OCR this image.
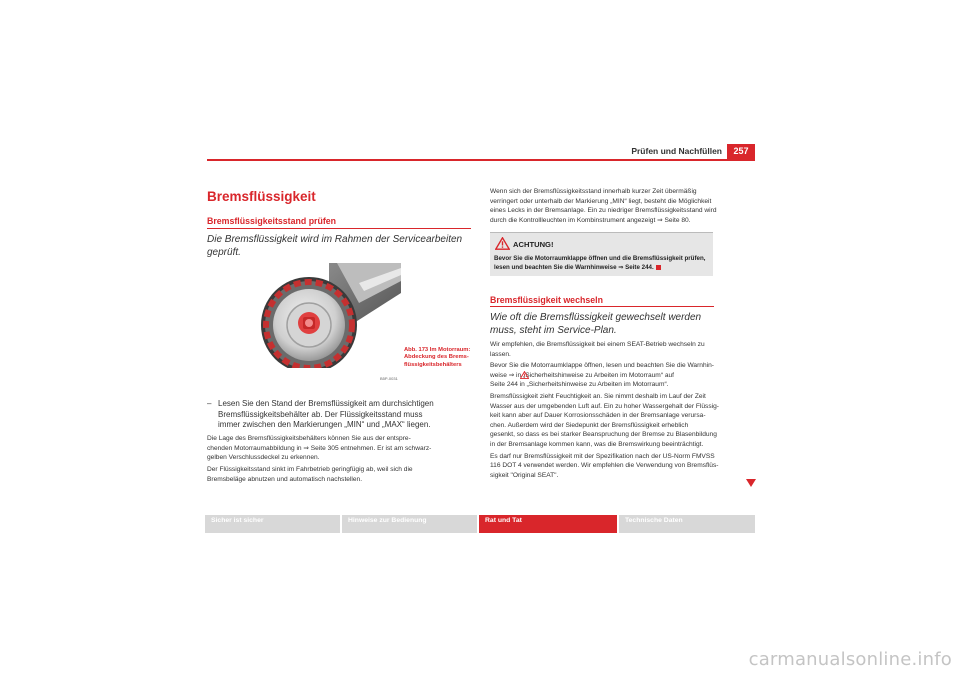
Prüfen und Nachfüllen	257
Bremsflüssigkeit
Bremsflüssigkeitsstand prüfen
Die Bremsflüssigkeit wird im Rahmen der Servicearbeiten geprüft.
B5P-0031
Abb. 173 Im Motorraum:
Abdeckung des Brems-
flüssigkeitsbehälters
– Lesen Sie den Stand der Bremsflüssigkeit am durchsichtigen
Bremsflüssigkeitsbehälter ab. Der Flüssigkeitsstand muss
immer zwischen den Markierungen „MIN“ und „MAX“ liegen.
Die Lage des Bremsflüssigkeitsbehälters können Sie aus der entspre-
chenden Motorraumabbildung in ⇒ Seite 305 entnehmen. Er ist am schwarz-
gelben Verschlussdeckel zu erkennen.
Der Flüssigkeitsstand sinkt im Fahrbetrieb geringfügig ab, weil sich die
Bremsbeläge abnutzen und automatisch nachstellen.
Wenn sich der Bremsflüssigkeitsstand innerhalb kurzer Zeit übermäßig
verringert oder unterhalb der Markierung „MIN“ liegt, besteht die Möglichkeit
eines Lecks in der Bremsanlage. Ein zu niedriger Bremsflüssigkeitsstand wird
durch die Kontrollleuchten im Kombinstrument angezeigt ⇒ Seite 80.
ACHTUNG!
Bevor Sie die Motorraumklappe öffnen und die Bremsflüssigkeit prüfen,
lesen und beachten Sie die Warnhinweise ⇒ Seite 244.
Bremsflüssigkeit wechseln
Wie oft die Bremsflüssigkeit gewechselt werden muss, steht im Service-Plan.
Wir empfehlen, die Bremsflüssigkeit bei einem SEAT-Betrieb wechseln zu
lassen.
Bevor Sie die Motorraumklappe öffnen, lesen und beachten Sie die Warnhin-
weise ⇒ in „Sicherheitshinweise zu Arbeiten im Motorraum“ auf
Seite 244 in „Sicherheitshinweise zu Arbeiten im Motorraum“.
Bremsflüssigkeit zieht Feuchtigkeit an. Sie nimmt deshalb im Lauf der Zeit
Wasser aus der umgebenden Luft auf. Ein zu hoher Wassergehalt der Flüssig-
keit kann aber auf Dauer Korrosionsschäden in der Bremsanlage verursa-
chen. Außerdem wird der Siedepunkt der Bremsflüssigkeit erheblich
gesenkt, so dass es bei starker Beanspruchung der Bremse zu Blasenbildung
in der Bremsanlage kommen kann, was die Bremswirkung beeinträchtigt.
Es darf nur Bremsflüssigkeit mit der Spezifikation nach der US-Norm FMVSS
116 DOT 4 verwendet werden. Wir empfehlen die Verwendung von Bremsflüs-
sigkeit "Original SEAT".
Sicher ist sicher	Hinweise zur Bedienung	Rat und Tat	Technische Daten
carmanualsonline.info
